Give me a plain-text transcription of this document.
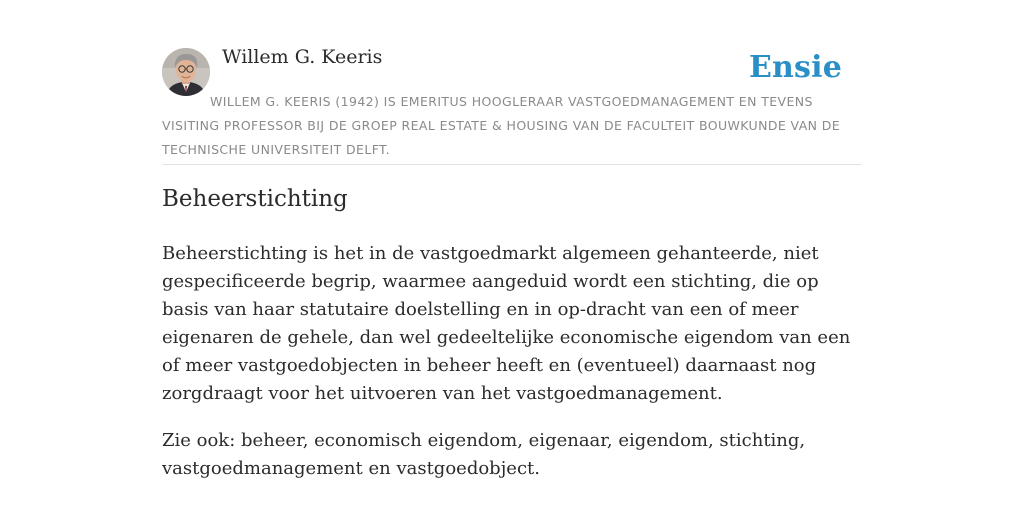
Willem G. Keeris	Ensie
WILLEM G. KEERIS (1942) IS EMERITUS HOOGLERAAR VASTGOEDMANAGEMENT EN TEVENS VISITING PROFESSOR BIJ DE GROEP REAL ESTATE & HOUSING VAN DE FACULTEIT BOUWKUNDE VAN DE TECHNISCHE UNIVERSITEIT DELFT.
Beheerstichting

Beheerstichting is het in de vastgoedmarkt algemeen gehanteerde, niet gespecificeerde begrip, waarmee aangeduid wordt een stichting, die op basis van haar statutaire doelstelling en in op-dracht van een of meer eigenaren de gehele, dan wel gedeeltelijke economische eigendom van een of meer vastgoedobjecten in beheer heeft en (eventueel) daarnaast nog zorgdraagt voor het uitvoeren van het vastgoedmanagement.

Zie ook: beheer, economisch eigendom, eigenaar, eigendom, stichting, vastgoedmanagement en vastgoedobject.
